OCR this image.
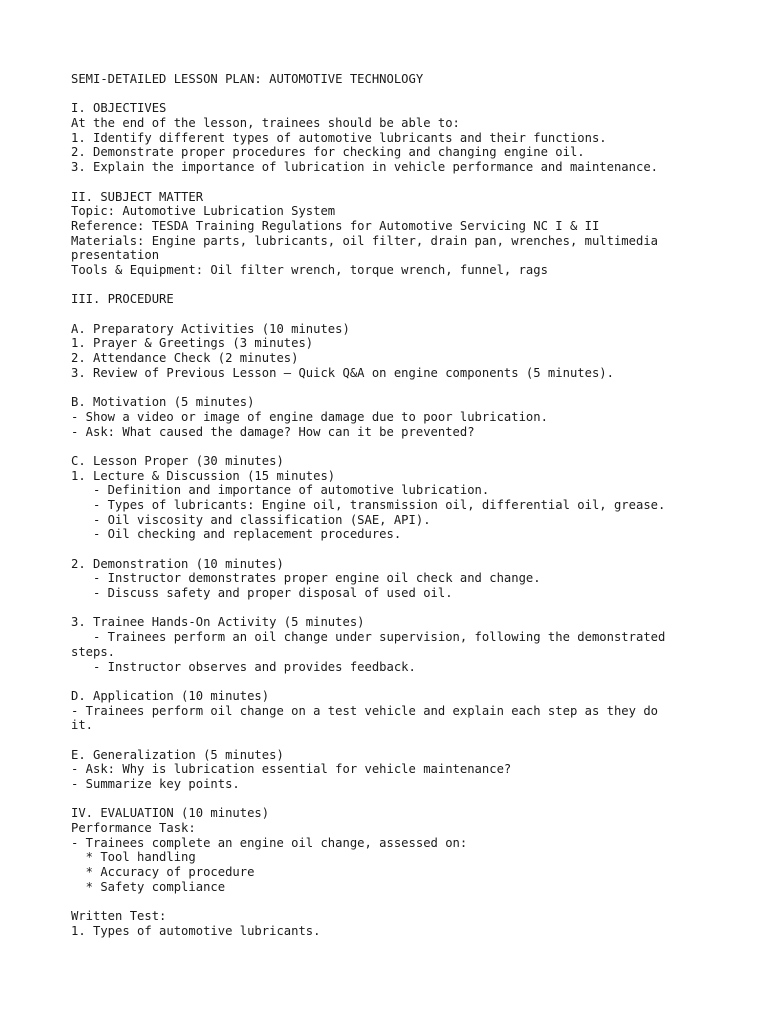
SEMI-DETAILED LESSON PLAN: AUTOMOTIVE TECHNOLOGY
I. OBJECTIVES
At the end of the lesson, trainees should be able to:
1. Identify different types of automotive lubricants and their functions.
2. Demonstrate proper procedures for checking and changing engine oil.
3. Explain the importance of lubrication in vehicle performance and maintenance.
II. SUBJECT MATTER
Topic: Automotive Lubrication System
Reference: TESDA Training Regulations for Automotive Servicing NC I & II
Materials: Engine parts, lubricants, oil filter, drain pan, wrenches, multimedia
presentation
Tools & Equipment: Oil filter wrench, torque wrench, funnel, rags
III. PROCEDURE
A. Preparatory Activities (10 minutes)
1. Prayer & Greetings (3 minutes)
2. Attendance Check (2 minutes)
3. Review of Previous Lesson – Quick Q&A on engine components (5 minutes).
B. Motivation (5 minutes)
- Show a video or image of engine damage due to poor lubrication.
- Ask: What caused the damage? How can it be prevented?
C. Lesson Proper (30 minutes)
1. Lecture & Discussion (15 minutes)
- Definition and importance of automotive lubrication.
- Types of lubricants: Engine oil, transmission oil, differential oil, grease.
- Oil viscosity and classification (SAE, API).
- Oil checking and replacement procedures.
2. Demonstration (10 minutes)
- Instructor demonstrates proper engine oil check and change.
- Discuss safety and proper disposal of used oil.
3. Trainee Hands-On Activity (5 minutes)
- Trainees perform an oil change under supervision, following the demonstrated
steps.
- Instructor observes and provides feedback.
D. Application (10 minutes)
- Trainees perform oil change on a test vehicle and explain each step as they do
it.
E. Generalization (5 minutes)
- Ask: Why is lubrication essential for vehicle maintenance?
- Summarize key points.
IV. EVALUATION (10 minutes)
Performance Task:
- Trainees complete an engine oil change, assessed on:
* Tool handling
* Accuracy of procedure
* Safety compliance
Written Test:
1. Types of automotive lubricants.
